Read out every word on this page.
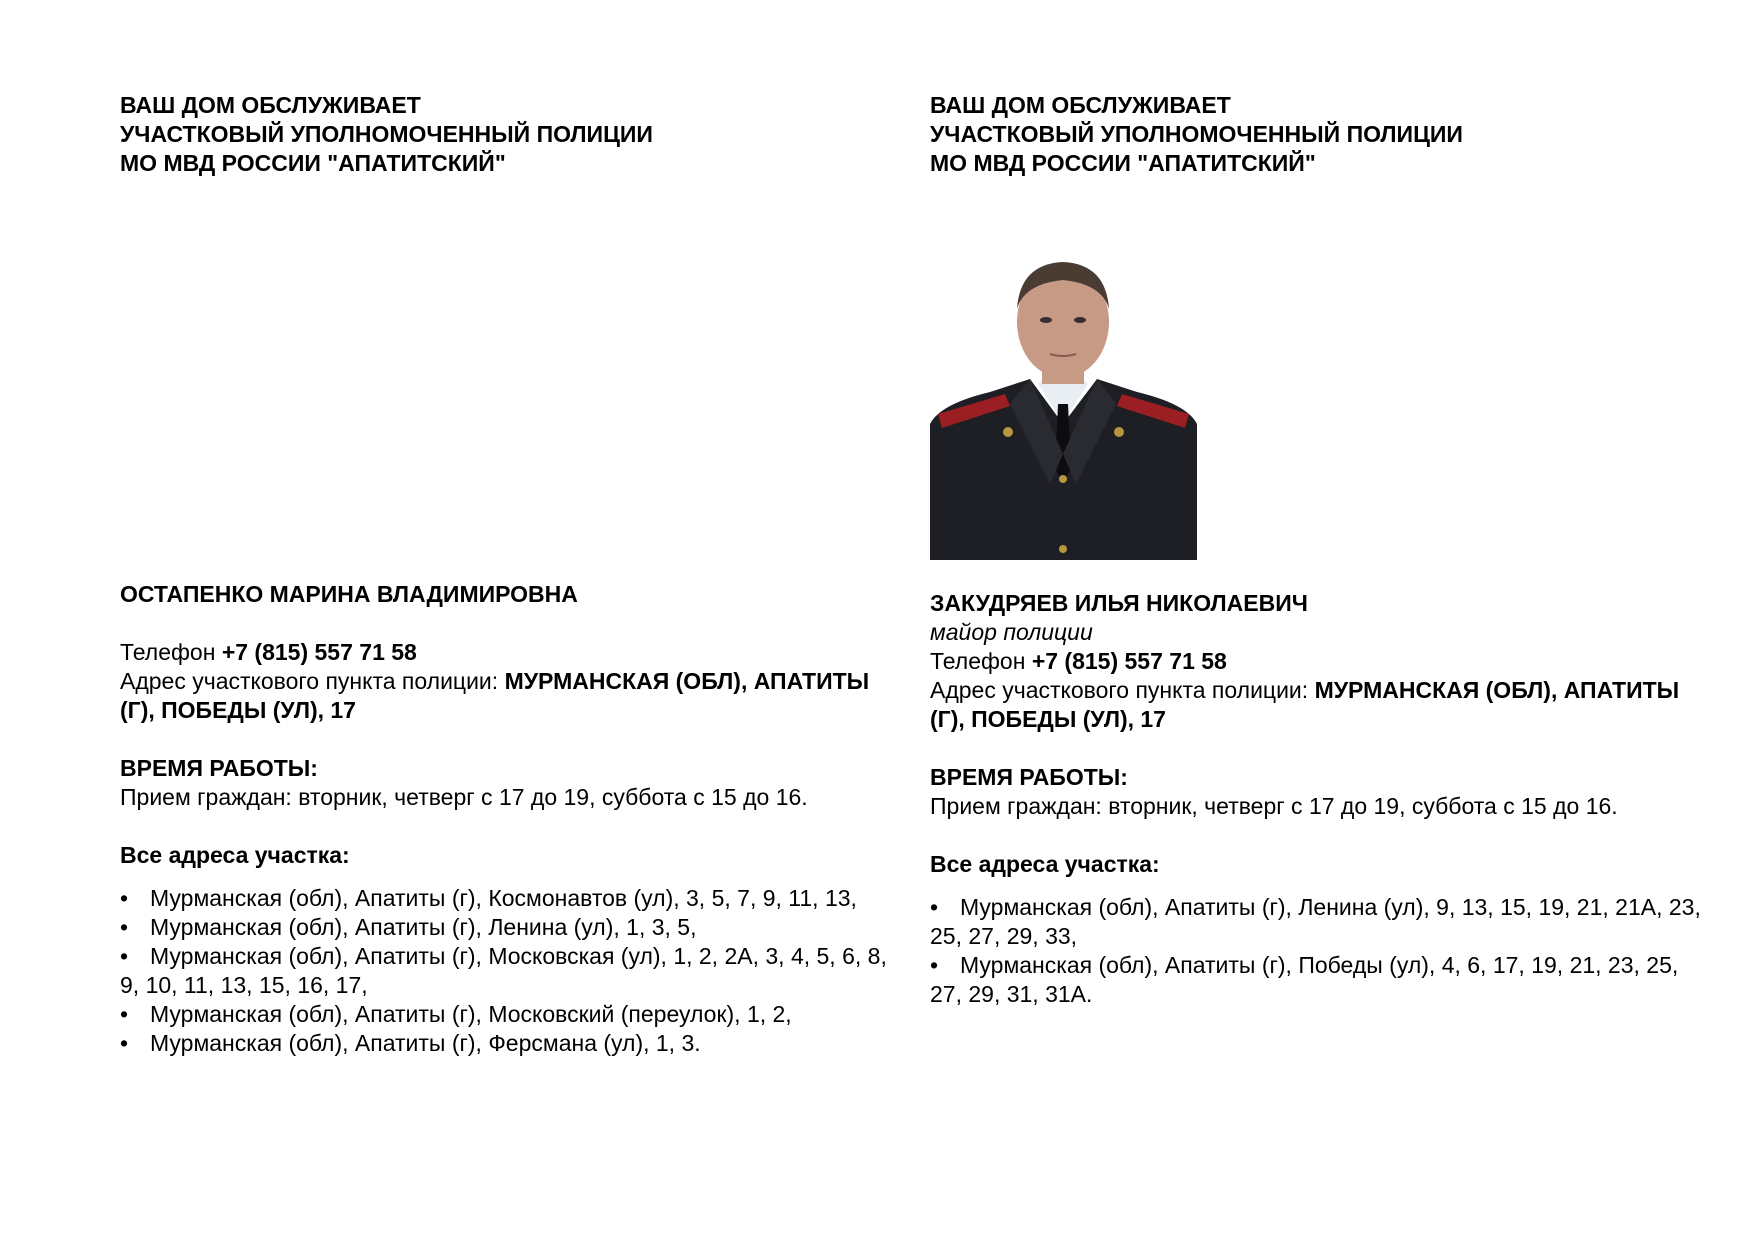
ВАШ ДОМ ОБСЛУЖИВАЕТ
УЧАСТКОВЫЙ УПОЛНОМОЧЕННЫЙ ПОЛИЦИИ
МО МВД РОССИИ "АПАТИТСКИЙ"
ОСТАПЕНКО МАРИНА ВЛАДИМИРОВНА
Телефон +7 (815) 557 71 58
Адрес участкового пункта полиции: МУРМАНСКАЯ (ОБЛ), АПАТИТЫ (Г), ПОБЕДЫ (УЛ), 17
ВРЕМЯ РАБОТЫ:
Прием граждан: вторник, четверг с 17 до 19, суббота с 15 до 16.
Все адреса участка:
• Мурманская (обл), Апатиты (г), Космонавтов (ул), 3, 5, 7, 9, 11, 13,
• Мурманская (обл), Апатиты (г), Ленина (ул), 1, 3, 5,
• Мурманская (обл), Апатиты (г), Московская (ул), 1, 2, 2А, 3, 4, 5, 6, 8, 9, 10, 11, 13, 15, 16, 17,
• Мурманская (обл), Апатиты (г), Московский (переулок), 1, 2,
• Мурманская (обл), Апатиты (г), Ферсмана (ул), 1, 3.
ВАШ ДОМ ОБСЛУЖИВАЕТ
УЧАСТКОВЫЙ УПОЛНОМОЧЕННЫЙ ПОЛИЦИИ
МО МВД РОССИИ "АПАТИТСКИЙ"
ЗАКУДРЯЕВ ИЛЬЯ НИКОЛАЕВИЧ
майор полиции
Телефон +7 (815) 557 71 58
Адрес участкового пункта полиции: МУРМАНСКАЯ (ОБЛ), АПАТИТЫ (Г), ПОБЕДЫ (УЛ), 17
ВРЕМЯ РАБОТЫ:
Прием граждан: вторник, четверг с 17 до 19, суббота с 15 до 16.
Все адреса участка:
• Мурманская (обл), Апатиты (г), Ленина (ул), 9, 13, 15, 19, 21, 21А, 23, 25, 27, 29, 33,
• Мурманская (обл), Апатиты (г), Победы (ул), 4, 6, 17, 19, 21, 23, 25, 27, 29, 31, 31А.
